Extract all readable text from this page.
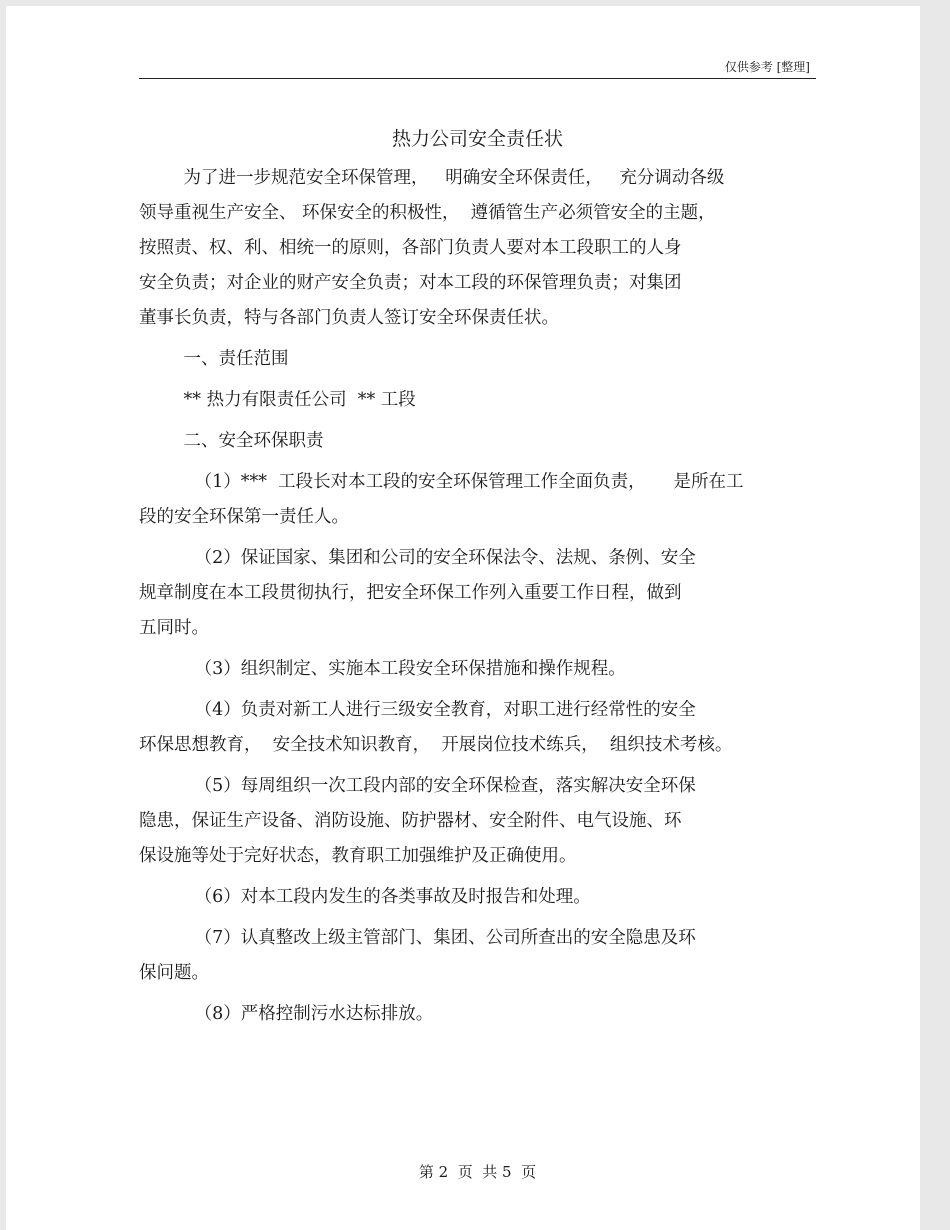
仅供参考 [整理]
热力公司安全责任状
为了进一步规范安全环保管理，   明确安全环保责任，   充分调动各级
领导重视生产安全、 环保安全的积极性，  遵循管生产必须管安全的主题，
按照责、权、利、相统一的原则，各部门负责人要对本工段职工的人身
安全负责；对企业的财产安全负责；对本工段的环保管理负责；对集团
董事长负责，特与各部门负责人签订安全环保责任状。
一、责任范围
** 热力有限责任公司  ** 工段
二、安全环保职责
（1）***  工段长对本工段的安全环保管理工作全面负责，     是所在工
段的安全环保第一责任人。
（2）保证国家、集团和公司的安全环保法令、法规、条例、安全
规章制度在本工段贯彻执行，把安全环保工作列入重要工作日程，做到
五同时。
（3）组织制定、实施本工段安全环保措施和操作规程。
（4）负责对新工人进行三级安全教育，对职工进行经常性的安全
环保思想教育，  安全技术知识教育，  开展岗位技术练兵，  组织技术考核。
（5）每周组织一次工段内部的安全环保检查，落实解决安全环保
隐患，保证生产设备、消防设施、防护器材、安全附件、电气设施、环
保设施等处于完好状态，教育职工加强维护及正确使用。
（6）对本工段内发生的各类事故及时报告和处理。
（7）认真整改上级主管部门、集团、公司所查出的安全隐患及环
保问题。
（8）严格控制污水达标排放。
第 2  页  共 5  页
